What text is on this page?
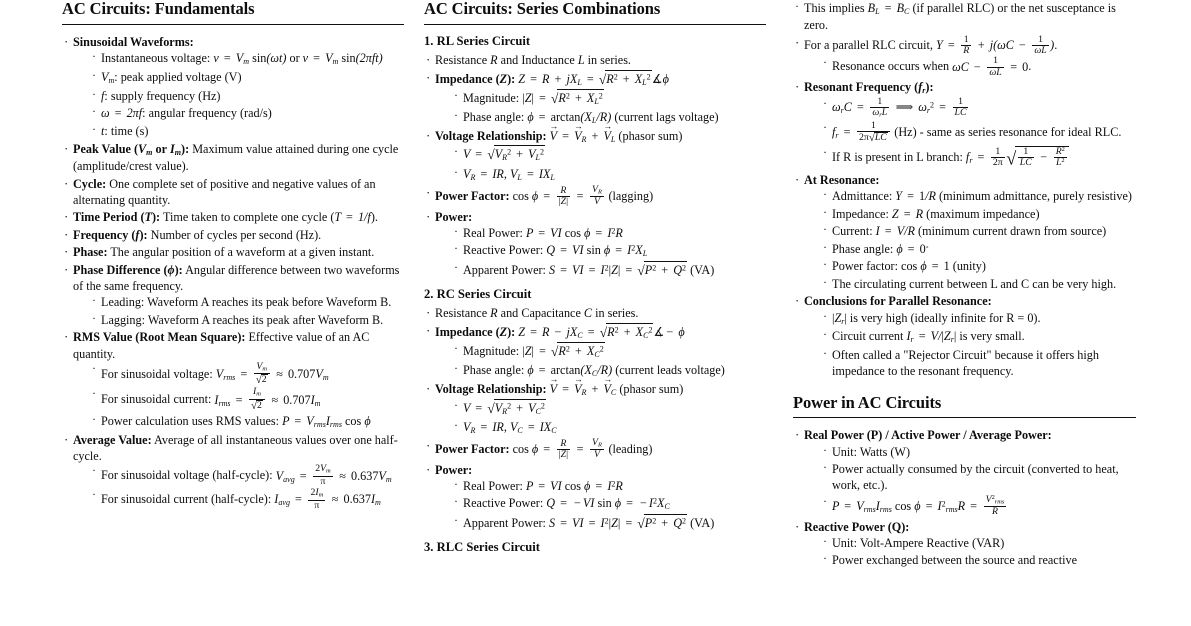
AC Circuits: Fundamentals
· Sinusoidal Waveforms:
· Instantaneous voltage: $v = V_m$ sin(ωt) or $v = V_m$ sin(2πft)
· $V_m$: peak applied voltage (V)
· f: supply frequency (Hz)
· ω = 2πf: angular frequency (rad/s)
· t: time (s)
· Peak Value ($V_m$ or $I_m$): Maximum value attained during one cycle (amplitude/crest value).
· Cycle: One complete set of positive and negative values of an alternating quantity.
· Time Period (T): Time taken to complete one cycle (T = 1/f).
· Frequency (f): Number of cycles per second (Hz).
· Phase: The angular position of a waveform at a given instant.
· Phase Difference (ϕ): Angular difference between two waveforms of the same frequency.
· Leading: Waveform A reaches its peak before Waveform B.
· Lagging: Waveform A reaches its peak after Waveform B.
· RMS Value (Root Mean Square): Effective value of an AC quantity.
· For sinusoidal voltage: $V_{rms} = \frac{V_m}{√2} \approx 0.707V_m$
· For sinusoidal current: $I_{rms} = \frac{I_m}{√2} \approx 0.707I_m$
· Power calculation uses RMS values: $P = V_{rms}I_{rms}$ cos ϕ
· Average Value: Average of all instantaneous values over one half-cycle.
· For sinusoidal voltage (half-cycle): $V_{avg} = \frac{2V_m}{\pi} \approx 0.637V_m$
· For sinusoidal current (half-cycle): $I_{avg} = \frac{2I_m}{\pi} \approx 0.637I_m$
AC Circuits: Series Combinations
1. RL Series Circuit
· Resistance R and Inductance L in series.
· Impedance (Z): $Z = R + jX_L = √R^2$ + $X_L^2∡\phi$
· Magnitude: $|Z| = √R^2 + X_L^2$
· Phase angle: $\phi = \arctan(X_L/R)$ (current lags voltage)
· Voltage Relationship: V → = $V \to_R + V \to_L$ (phasor sum)
· $V = √V_R^2 + V_L^2$
· $V_R$ = IR, $V_L = IX_L$
· Power Factor: $\cos \phi = \frac{R}{|Z|} = \frac{V_R}{V}$ (lagging)
· Power:
· Real Power: P = VI $\cos \phi = I^2R$
· Reactive Power: Q = VI $\sin \phi = I^2X_L$
· Apparent Power: S = VI = $I^2|Z| = √P^2 + Q^2$ (VA)
2. RC Series Circuit
· Resistance R and Capacitance C in series.
· Impedance (Z): $Z = R - jX_C = √R^2$ + $X_C^2∡ - \phi$
· Magnitude: $|Z| = √R^2 + X_C^2$
· Phase angle: $\phi = \arctan(X_C/R)$ (current leads voltage)
· Voltage Relationship: V → = $V \to_R + V \to_C$ (phasor sum)
· $V = √V_R^2 + V_C^2$
· $V_R$ = IR, $V_C = IX_C$
· Power Factor: $\cos \phi = \frac{R}{|Z|} = \frac{V_R}{V}$ (leading)
· Power:
· Real Power: P = VI $\cos \phi = I^2R$
· Reactive Power: Q = − VI sin ϕ = − $I^2X_C$
· Apparent Power: S = VI = $I^2|Z| = √P^2 + Q^2$ (VA)
3. RLC Series Circuit
· This implies $B_L = B_C$ (if parallel RLC) or the net susceptance is zero.
· For a parallel RLC circuit, $Y = \frac{1}{R} + j(\omega C - \frac{1}{\omega L}$ ).
· Resonance occurs when $\omega C - \frac{1}{\omega L} = 0$.
· Resonant Frequency $(f_r)$:
· $\omega_rC = \frac{1}{\omega_rL}$ ⟹ $\omega_r^2 = \frac{1}{LC}$
· $f_r = \frac{1}{2\pi√LC} (Hz)$ - same as series resonance for ideal RLC.
· If R is present in L branch: $f_r = \frac{1}{2\pi}$ √ $\frac{1}{LC} - \frac{R^2}{L^2}$
· At Resonance:
· Admittance: Y = 1/R (minimum admittance, purely resistive)
· Impedance: Z = R (maximum impedance)
· Current: I = V/R (minimum current drawn from source)
· Phase angle: ϕ = 0◦
· Power factor: cos ϕ = 1 (unity)
· The circulating current between L and C can be very high.
· Conclusions for Parallel Resonance:
· $|Z_r|$ is very high (ideally infinite for R = 0).
· Circuit current $I_r = V/|Z_r|$ is very small.
· Often called a "Rejector Circuit" because it offers high impedance to the resonant frequency.
Power in AC Circuits
· Real Power (P) / Active Power / Average Power:
· Unit: Watts (W)
· Power actually consumed by the circuit (converted to heat, work, etc.).
· $P = V_{rms}I_{rms}$ $\cos \phi = I^2_{rms}R = \frac{V^2_{rms}}{R}$
· Reactive Power (Q):
· Unit: Volt-Ampere Reactive (VAR)
· Power exchanged between the source and reactive
